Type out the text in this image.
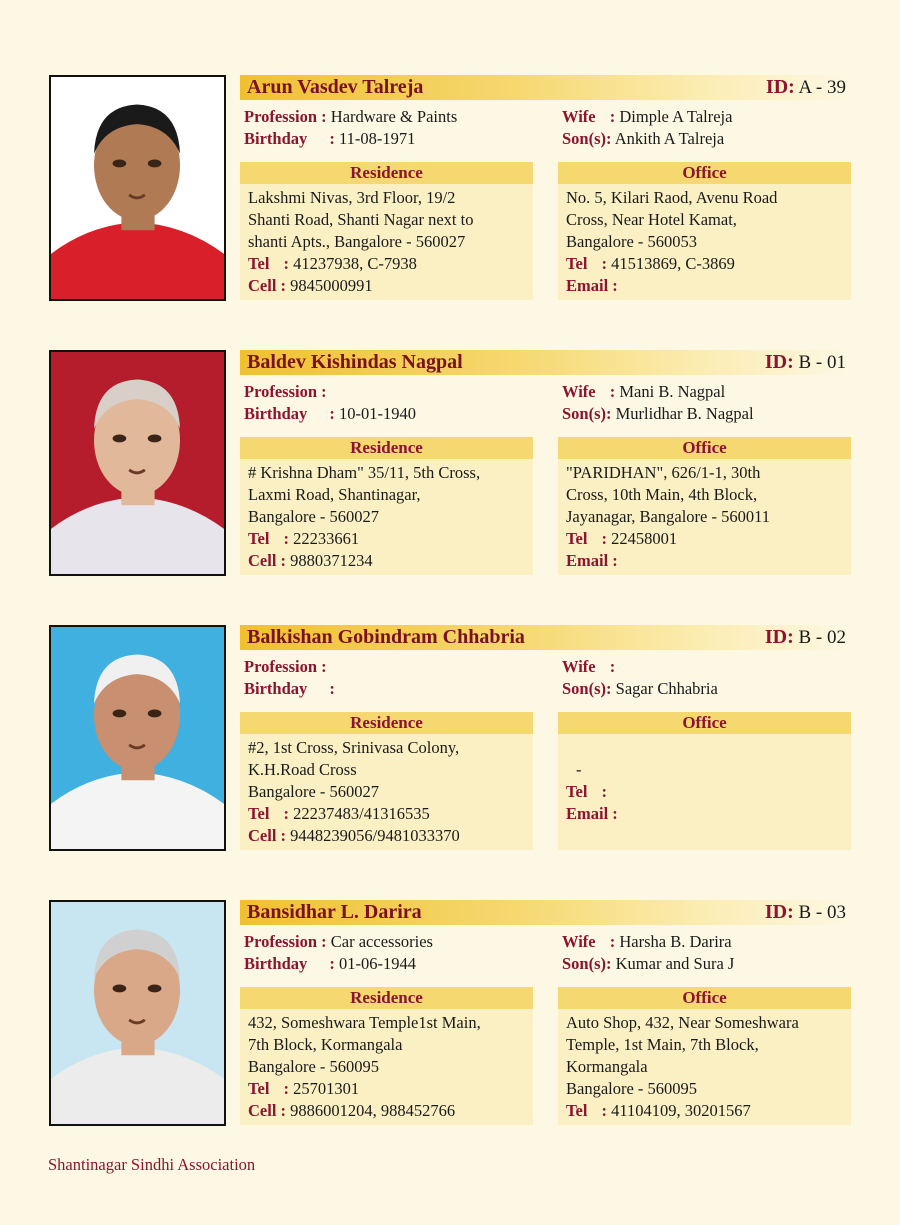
Arun Vasdev Talreja	ID: A - 39
Profession : Hardware & Paints
Birthday : 11-08-1971
Wife : Dimple A Talreja
Son(s): Ankith A Talreja
Residence
Lakshmi Nivas, 3rd Floor, 19/2
Shanti Road, Shanti Nagar next to
shanti Apts., Bangalore - 560027
Tel : 41237938, C-7938
Cell : 9845000991
Office
No. 5, Kilari Raod, Avenu Road
Cross, Near Hotel Kamat,
Bangalore - 560053
Tel : 41513869, C-3869
Email :
Baldev Kishindas Nagpal	ID: B - 01
Profession :
Birthday : 10-01-1940
Wife : Mani B. Nagpal
Son(s): Murlidhar B. Nagpal
Residence
# Krishna Dham" 35/11, 5th Cross,
Laxmi Road, Shantinagar,
Bangalore - 560027
Tel : 22233661
Cell : 9880371234
Office
"PARIDHAN", 626/1-1, 30th
Cross, 10th Main, 4th Block,
Jayanagar, Bangalore - 560011
Tel : 22458001
Email :
Balkishan Gobindram Chhabria	ID: B - 02
Profession :
Birthday :
Wife :
Son(s): Sagar Chhabria
Residence
#2, 1st Cross, Srinivasa Colony,
K.H.Road Cross
Bangalore - 560027
Tel : 22237483/41316535
Cell : 9448239056/9481033370
Office
-
Tel :
Email :
Bansidhar L. Darira	ID: B - 03
Profession : Car accessories
Birthday : 01-06-1944
Wife : Harsha B. Darira
Son(s): Kumar and Sura J
Residence
432, Someshwara Temple1st Main,
7th Block, Kormangala
Bangalore - 560095
Tel : 25701301
Cell : 9886001204, 988452766
Office
Auto Shop, 432, Near Someshwara
Temple, 1st Main, 7th Block,
Kormangala
Bangalore - 560095
Tel : 41104109, 30201567
Shantinagar Sindhi Association
